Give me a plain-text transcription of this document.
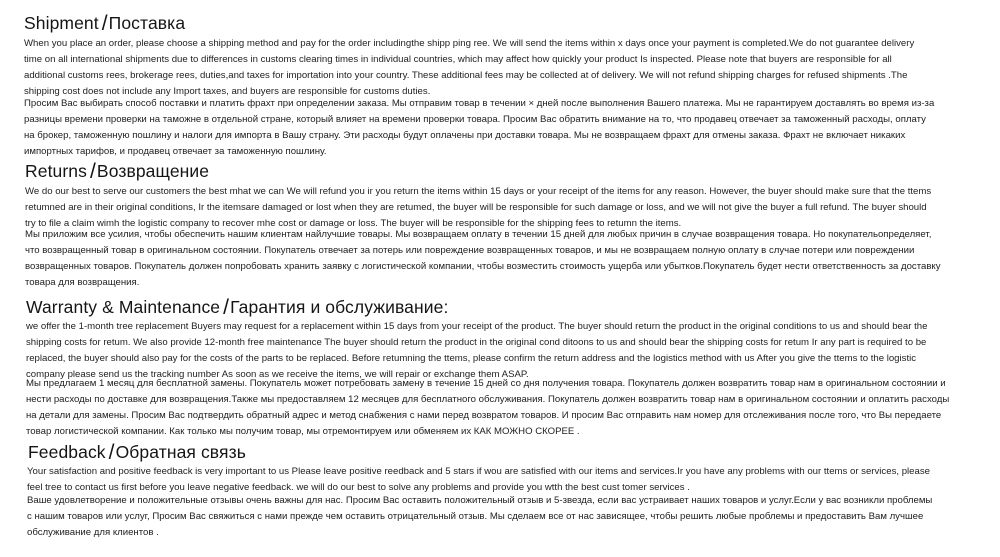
Shipment /Поставка
When you place an order, please choose a shipping method and pay for the order includingthe shipp ping ree. We will send the items within x days once your payment is completed.We do not guarantee delivery
time on all international shipments due to differences in customs clearing times in individual countries, which may affect how quickly your product Is inspected. Please note that buyers are responsible for all
additional customs rees, brokerage rees, duties,and taxes for importation into your country. These additional fees may be collected at of delivery. We will not refund shipping charges for refused shipments .The
shipping cost does not include any Import taxes, and buyers are responsible for customs duties.
Просим Вас выбирать способ поставки и платить фрахт при определении заказа. Мы отправим товар в течении × дней после выполнения Вашего платежа. Мы не гарантируем доставлять во время из-за
разницы времени проверки на таможне в отдельной стране, который влияет на времени проверки товара. Просим Вас обратить внимание на то, что продавец отвечает за таможенный расходы, оплату
на брокер, таможенную пошлину и налоги для импорта в Вашу страну. Эти расходы будут оплачены при доставки товара. Мы не возвращаем фрахт для отмены заказа. Фрахт не включает никаких
импортных тарифов, и продавец отвечает за таможенную пошлину.
Returns /Возвращение
We do our best to serve our customers the best mhat we can We will refund you ir you return the items within 15 days or your receipt of the items for any reason. However, the buyer should make sure that the ttems
retumned are in their original conditions, Ir the itemsare damaged or lost when they are retumed, the buyer will be responsible for such damage or loss, and we will not give the buyer a full refund. The buyer should
try to file a claim wimh the logistic company to recover mhe cost or damage or loss. The buyer will be responsible for the shipping fees to retumn the items.
Мы приложим все усилия, чтобы обеспечить нашим клиентам найлучшие товары. Мы возвращаем оплату в течении 15 дней для любых причин в случае возвращения товара. Но покупательопределяет,
что возвращенный товар в оригинальном состоянии. Покупатель отвечает за потерь или повреждение возвращенных товаров, и мы не возвращаем полную оплату в случае потери или повреждении
возвращенных товаров. Покупатель должен попробовать хранить заявку с логистической компании, чтобы возместить стоимость ущерба или убытков.Покупатель будет нести ответственность за доставку
товара для возвращения.
Warranty & Maintenance /Гарантия и обслуживание:
we offer the 1-month tree replacement Buyers may request for a replacement within 15 days from your receipt of the product. The buyer should return the product in the original conditions to us and should bear the
shipping costs for retum. We also provide 12-month free maintenance The buyer should return the product in the original cond ditoons to us and should bear the shipping costs for retum Ir any part is required to be
replaced, the buyer should also pay for the costs of the parts to be replaced. Before retumning the ttems, please confirm the return address and the logistics method with us After you give the ttems to the logistic
company please send us the tracking number As soon as we receive the items, we will repair or exchange them ASAP.
Мы предлагаем 1 месяц для бесплатной замены. Покупатель может потребовать замену в течение 15 дней со дня получения товара. Покупатель должен возвратить товар нам в оригинальном состоянии и
нести расходы по доставке для возвращения.Также мы предоставляем 12 месяцев для бесплатного обслуживания. Покупатель должен возвратить товар нам в оригинальном состоянии и оплатить расходы
на детали для замены. Просим Вас подтвердить обратный адрес и метод снабжения с нами перед возвратом товаров. И просим Вас отправить нам номер для отслеживания после того, что Вы передаете
товар логистической компании. Как только мы получим товар, мы отремонтируем или обменяем их КАК МОЖНО СКОРЕЕ .
Feedback /Обратная связь
Your satisfaction and positive feedback is very important to us Please leave positive reedback and 5 stars if wou are satisfied with our items and services.Ir you have any problems with our ttems or services, please
feel tree to contact us first before you leave negative feedback. we will do our best to solve any problems and provide you wtth the best cust tomer services .
Ваше удовлетворение и положительные отзывы очень важны для нас. Просим Вас оставить положительный отзыв и 5-звезда, если вас устраивает наших товаров и услуг.Если у вас возникли проблемы
с нашим товаров или услуг, Просим Вас свяжиться с нами прежде чем оставить отрицательный отзыв. Мы сделаем все от нас зависящее, чтобы решить любые проблемы и предоставить Вам лучшее
обслуживание для клиентов .
